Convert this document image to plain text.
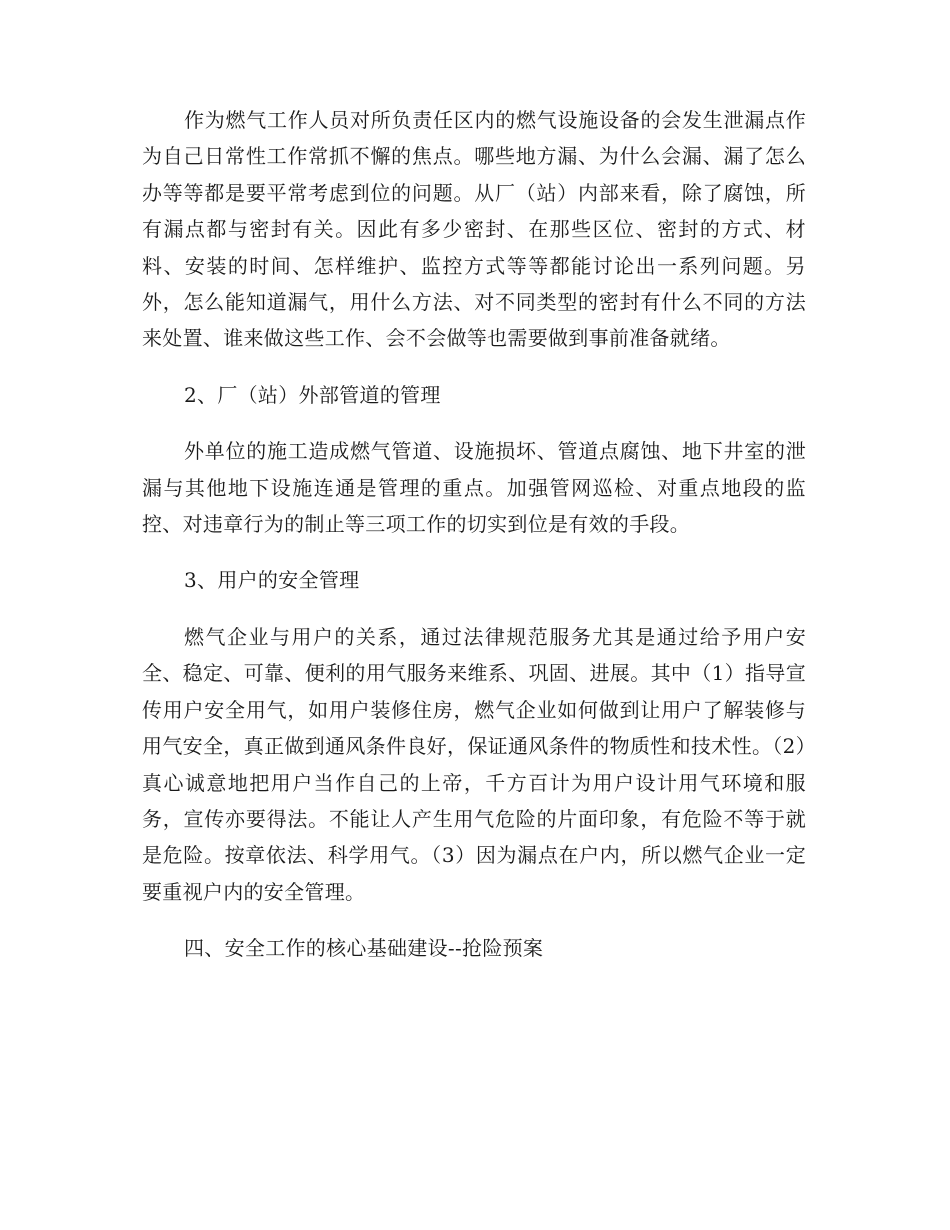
作为燃气工作人员对所负责任区内的燃气设施设备的会发生泄漏点作为自己日常性工作常抓不懈的焦点。哪些地方漏、为什么会漏、漏了怎么办等等都是要平常考虑到位的问题。从厂（站）内部来看，除了腐蚀，所有漏点都与密封有关。因此有多少密封、在那些区位、密封的方式、材料、安装的时间、怎样维护、监控方式等等都能讨论出一系列问题。另外，怎么能知道漏气，用什么方法、对不同类型的密封有什么不同的方法来处置、谁来做这些工作、会不会做等也需要做到事前准备就绪。

2、厂（站）外部管道的管理

外单位的施工造成燃气管道、设施损坏、管道点腐蚀、地下井室的泄漏与其他地下设施连通是管理的重点。加强管网巡检、对重点地段的监控、对违章行为的制止等三项工作的切实到位是有效的手段。

3、用户的安全管理

燃气企业与用户的关系，通过法律规范服务尤其是通过给予用户安全、稳定、可靠、便利的用气服务来维系、巩固、进展。其中（1）指导宣传用户安全用气，如用户装修住房，燃气企业如何做到让用户了解装修与用气安全，真正做到通风条件良好，保证通风条件的物质性和技术性。（2）真心诚意地把用户当作自己的上帝，千方百计为用户设计用气环境和服务，宣传亦要得法。不能让人产生用气危险的片面印象，有危险不等于就是危险。按章依法、科学用气。（3）因为漏点在户内，所以燃气企业一定要重视户内的安全管理。

四、安全工作的核心基础建设--抢险预案
